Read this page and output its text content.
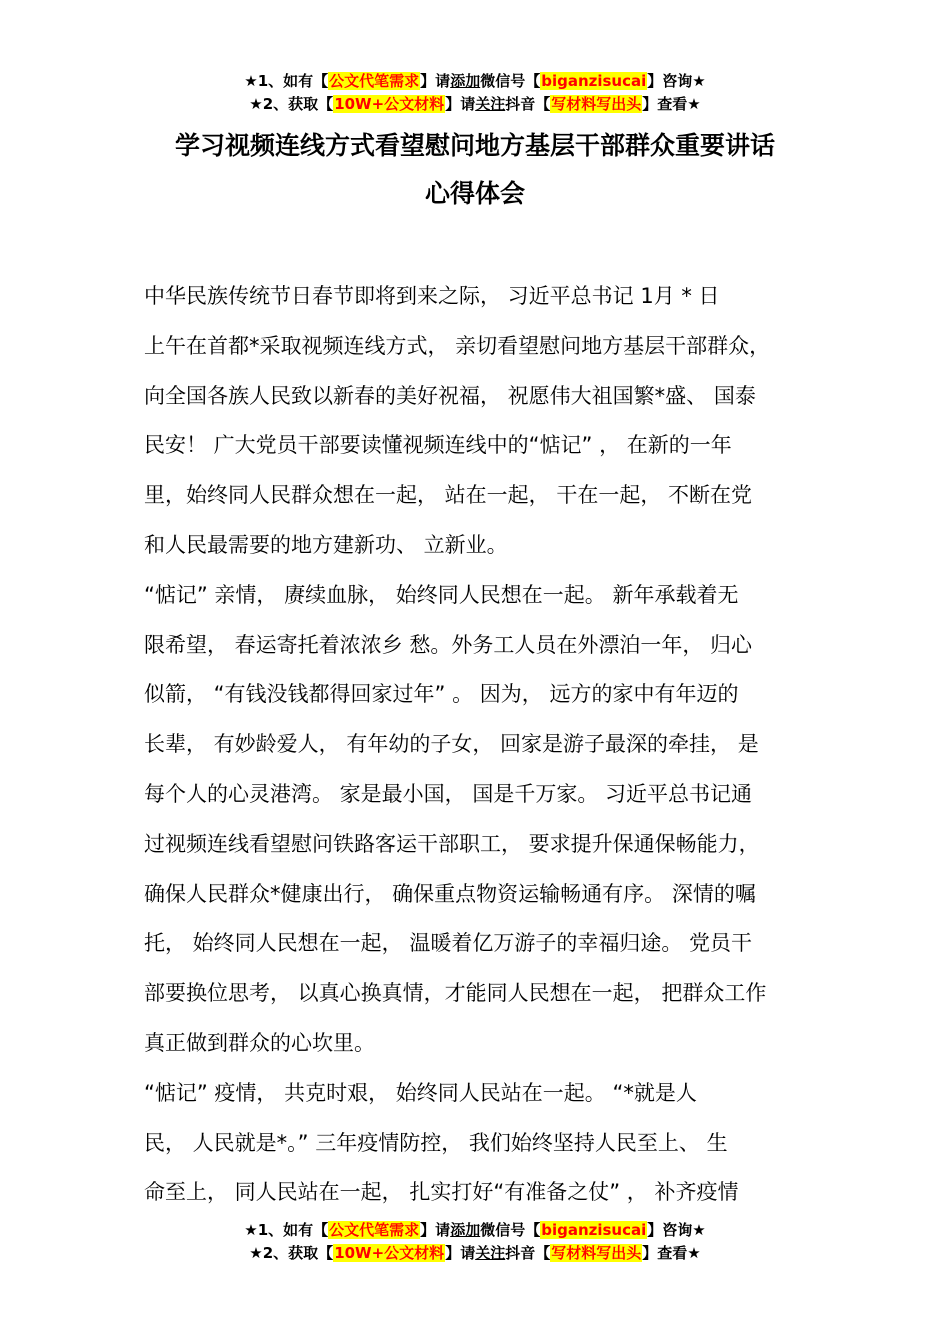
★1、如有【公文代笔需求】请添加微信号【biganzisucai】咨询★
★2、获取【10W+公文材料】请关注抖音【写材料写出头】查看★
学习视频连线方式看望慰问地方基层干部群众重要讲话
心得体会
中华民族传统节日春节即将到来之际， 习近平总书记 1月 * 日
上午在首都*采取视频连线方式， 亲切看望慰问地方基层干部群众，
向全国各族人民致以新春的美好祝福， 祝愿伟大祖国繁*盛、 国泰
民安！ 广大党员干部要读懂视频连线中的“惦记” ， 在新的一年
里，始终同人民群众想在一起， 站在一起， 干在一起， 不断在党
和人民最需要的地方建新功、 立新业。
“惦记” 亲情， 赓续血脉， 始终同人民想在一起。 新年承载着无
限希望， 春运寄托着浓浓乡 愁。外务工人员在外漂泊一年， 归心
似箭， “有钱没钱都得回家过年” 。 因为， 远方的家中有年迈的
长辈， 有妙龄爱人， 有年幼的子女， 回家是游子最深的牵挂， 是
每个人的心灵港湾。 家是最小国， 国是千万家。 习近平总书记通
过视频连线看望慰问铁路客运干部职工， 要求提升保通保畅能力，
确保人民群众*健康出行， 确保重点物资运输畅通有序。 深情的嘱
托， 始终同人民想在一起， 温暖着亿万游子的幸福归途。 党员干
部要换位思考， 以真心换真情，才能同人民想在一起， 把群众工作
真正做到群众的心坎里。
“惦记” 疫情， 共克时艰， 始终同人民站在一起。 “*就是人
民， 人民就是*。” 三年疫情防控， 我们始终坚持人民至上、 生
命至上， 同人民站在一起， 扎实打好“有准备之仗” ， 补齐疫情
★1、如有【公文代笔需求】请添加微信号【biganzisucai】咨询★
★2、获取【10W+公文材料】请关注抖音【写材料写出头】查看★
